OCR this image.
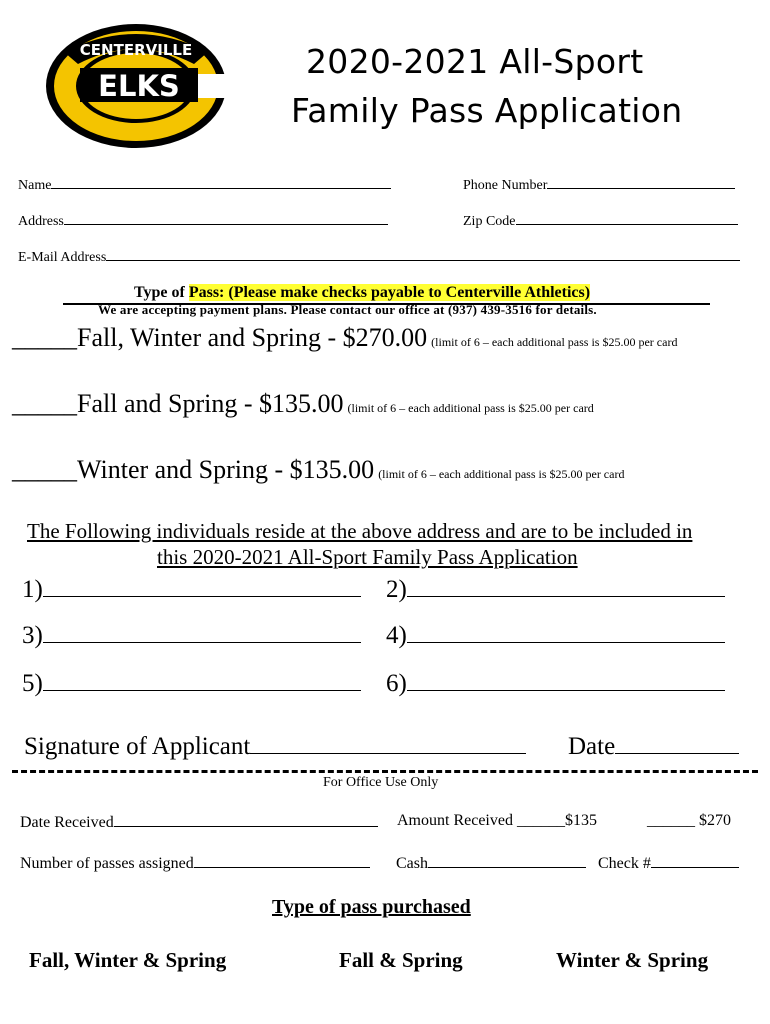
CENTERVILLE
ELKS
2020-2021 All-Sport
Family Pass Application
Name	Phone Number
Address	Zip Code
E-Mail Address
Type of Pass: (Please make checks payable to Centerville Athletics)
We are accepting payment plans. Please contact our office at (937) 439-3516 for details.
_____Fall, Winter and Spring - $270.00 (limit of 6 – each additional pass is $25.00 per card
_____Fall and Spring - $135.00 (limit of 6 – each additional pass is $25.00 per card
_____Winter and Spring - $135.00 (limit of 6 – each additional pass is $25.00 per card
The Following individuals reside at the above address and are to be included in
this 2020-2021 All-Sport Family Pass Application
1)	2)
3)	4)
5)	6)
Signature of Applicant	Date
For Office Use Only
Date Received	Amount Received ______$135	______ $270
Number of passes assigned	Cash	Check #
Type of pass purchased
Fall, Winter & Spring	Fall & Spring	Winter & Spring
